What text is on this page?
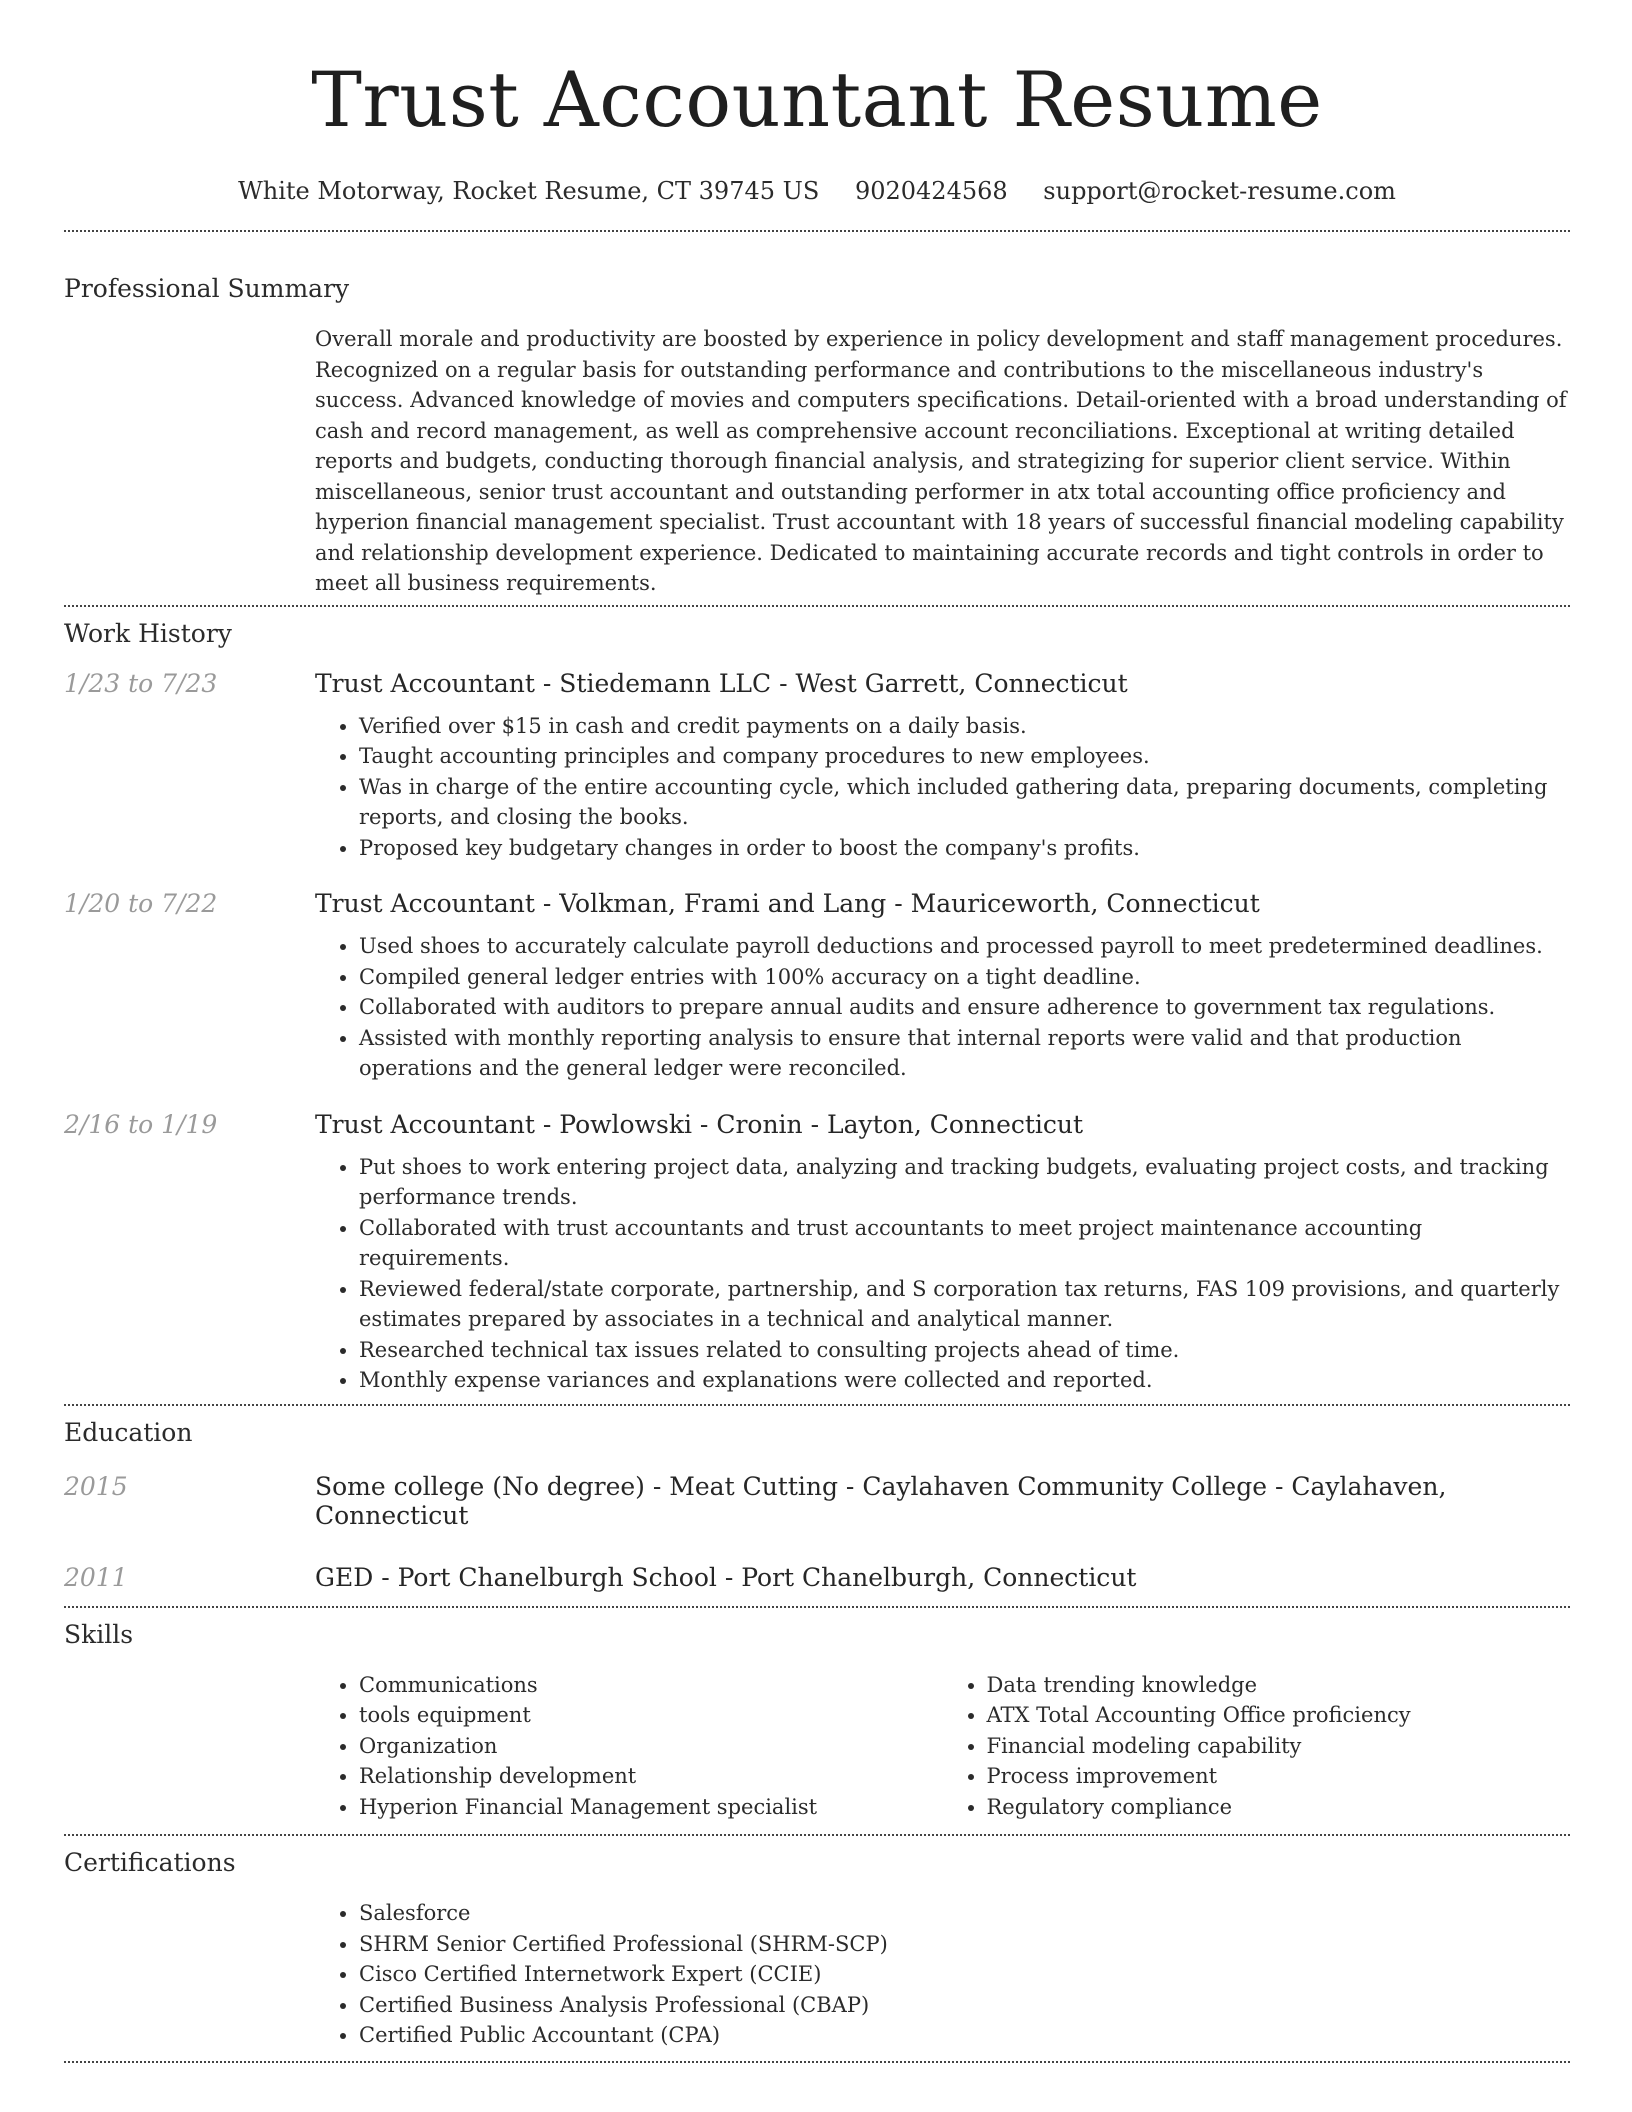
Trust Accountant Resume
White Motorway, Rocket Resume, CT 39745 US 9020424568 support@rocket-resume.com
Professional Summary
Overall morale and productivity are boosted by experience in policy development and staff management procedures. Recognized on a regular basis for outstanding performance and contributions to the miscellaneous industry's success. Advanced knowledge of movies and computers specifications. Detail-oriented with a broad understanding of cash and record management, as well as comprehensive account reconciliations. Exceptional at writing detailed reports and budgets, conducting thorough financial analysis, and strategizing for superior client service. Within miscellaneous, senior trust accountant and outstanding performer in atx total accounting office proficiency and hyperion financial management specialist. Trust accountant with 18 years of successful financial modeling capability and relationship development experience. Dedicated to maintaining accurate records and tight controls in order to meet all business requirements.
Work History
1/23 to 7/23	Trust Accountant - Stiedemann LLC - West Garrett, Connecticut
• Verified over $15 in cash and credit payments on a daily basis.
• Taught accounting principles and company procedures to new employees.
• Was in charge of the entire accounting cycle, which included gathering data, preparing documents, completing reports, and closing the books.
• Proposed key budgetary changes in order to boost the company's profits.
1/20 to 7/22	Trust Accountant - Volkman, Frami and Lang - Mauriceworth, Connecticut
• Used shoes to accurately calculate payroll deductions and processed payroll to meet predetermined deadlines.
• Compiled general ledger entries with 100% accuracy on a tight deadline.
• Collaborated with auditors to prepare annual audits and ensure adherence to government tax regulations.
• Assisted with monthly reporting analysis to ensure that internal reports were valid and that production operations and the general ledger were reconciled.
2/16 to 1/19	Trust Accountant - Powlowski - Cronin - Layton, Connecticut
• Put shoes to work entering project data, analyzing and tracking budgets, evaluating project costs, and tracking performance trends.
• Collaborated with trust accountants and trust accountants to meet project maintenance accounting requirements.
• Reviewed federal/state corporate, partnership, and S corporation tax returns, FAS 109 provisions, and quarterly estimates prepared by associates in a technical and analytical manner.
• Researched technical tax issues related to consulting projects ahead of time.
• Monthly expense variances and explanations were collected and reported.
Education
2015	Some college (No degree) - Meat Cutting - Caylahaven Community College - Caylahaven, Connecticut
2011	GED - Port Chanelburgh School - Port Chanelburgh, Connecticut
Skills
• Communications
• tools equipment
• Organization
• Relationship development
• Hyperion Financial Management specialist
• Data trending knowledge
• ATX Total Accounting Office proficiency
• Financial modeling capability
• Process improvement
• Regulatory compliance
Certifications
• Salesforce
• SHRM Senior Certified Professional (SHRM-SCP)
• Cisco Certified Internetwork Expert (CCIE)
• Certified Business Analysis Professional (CBAP)
• Certified Public Accountant (CPA)
